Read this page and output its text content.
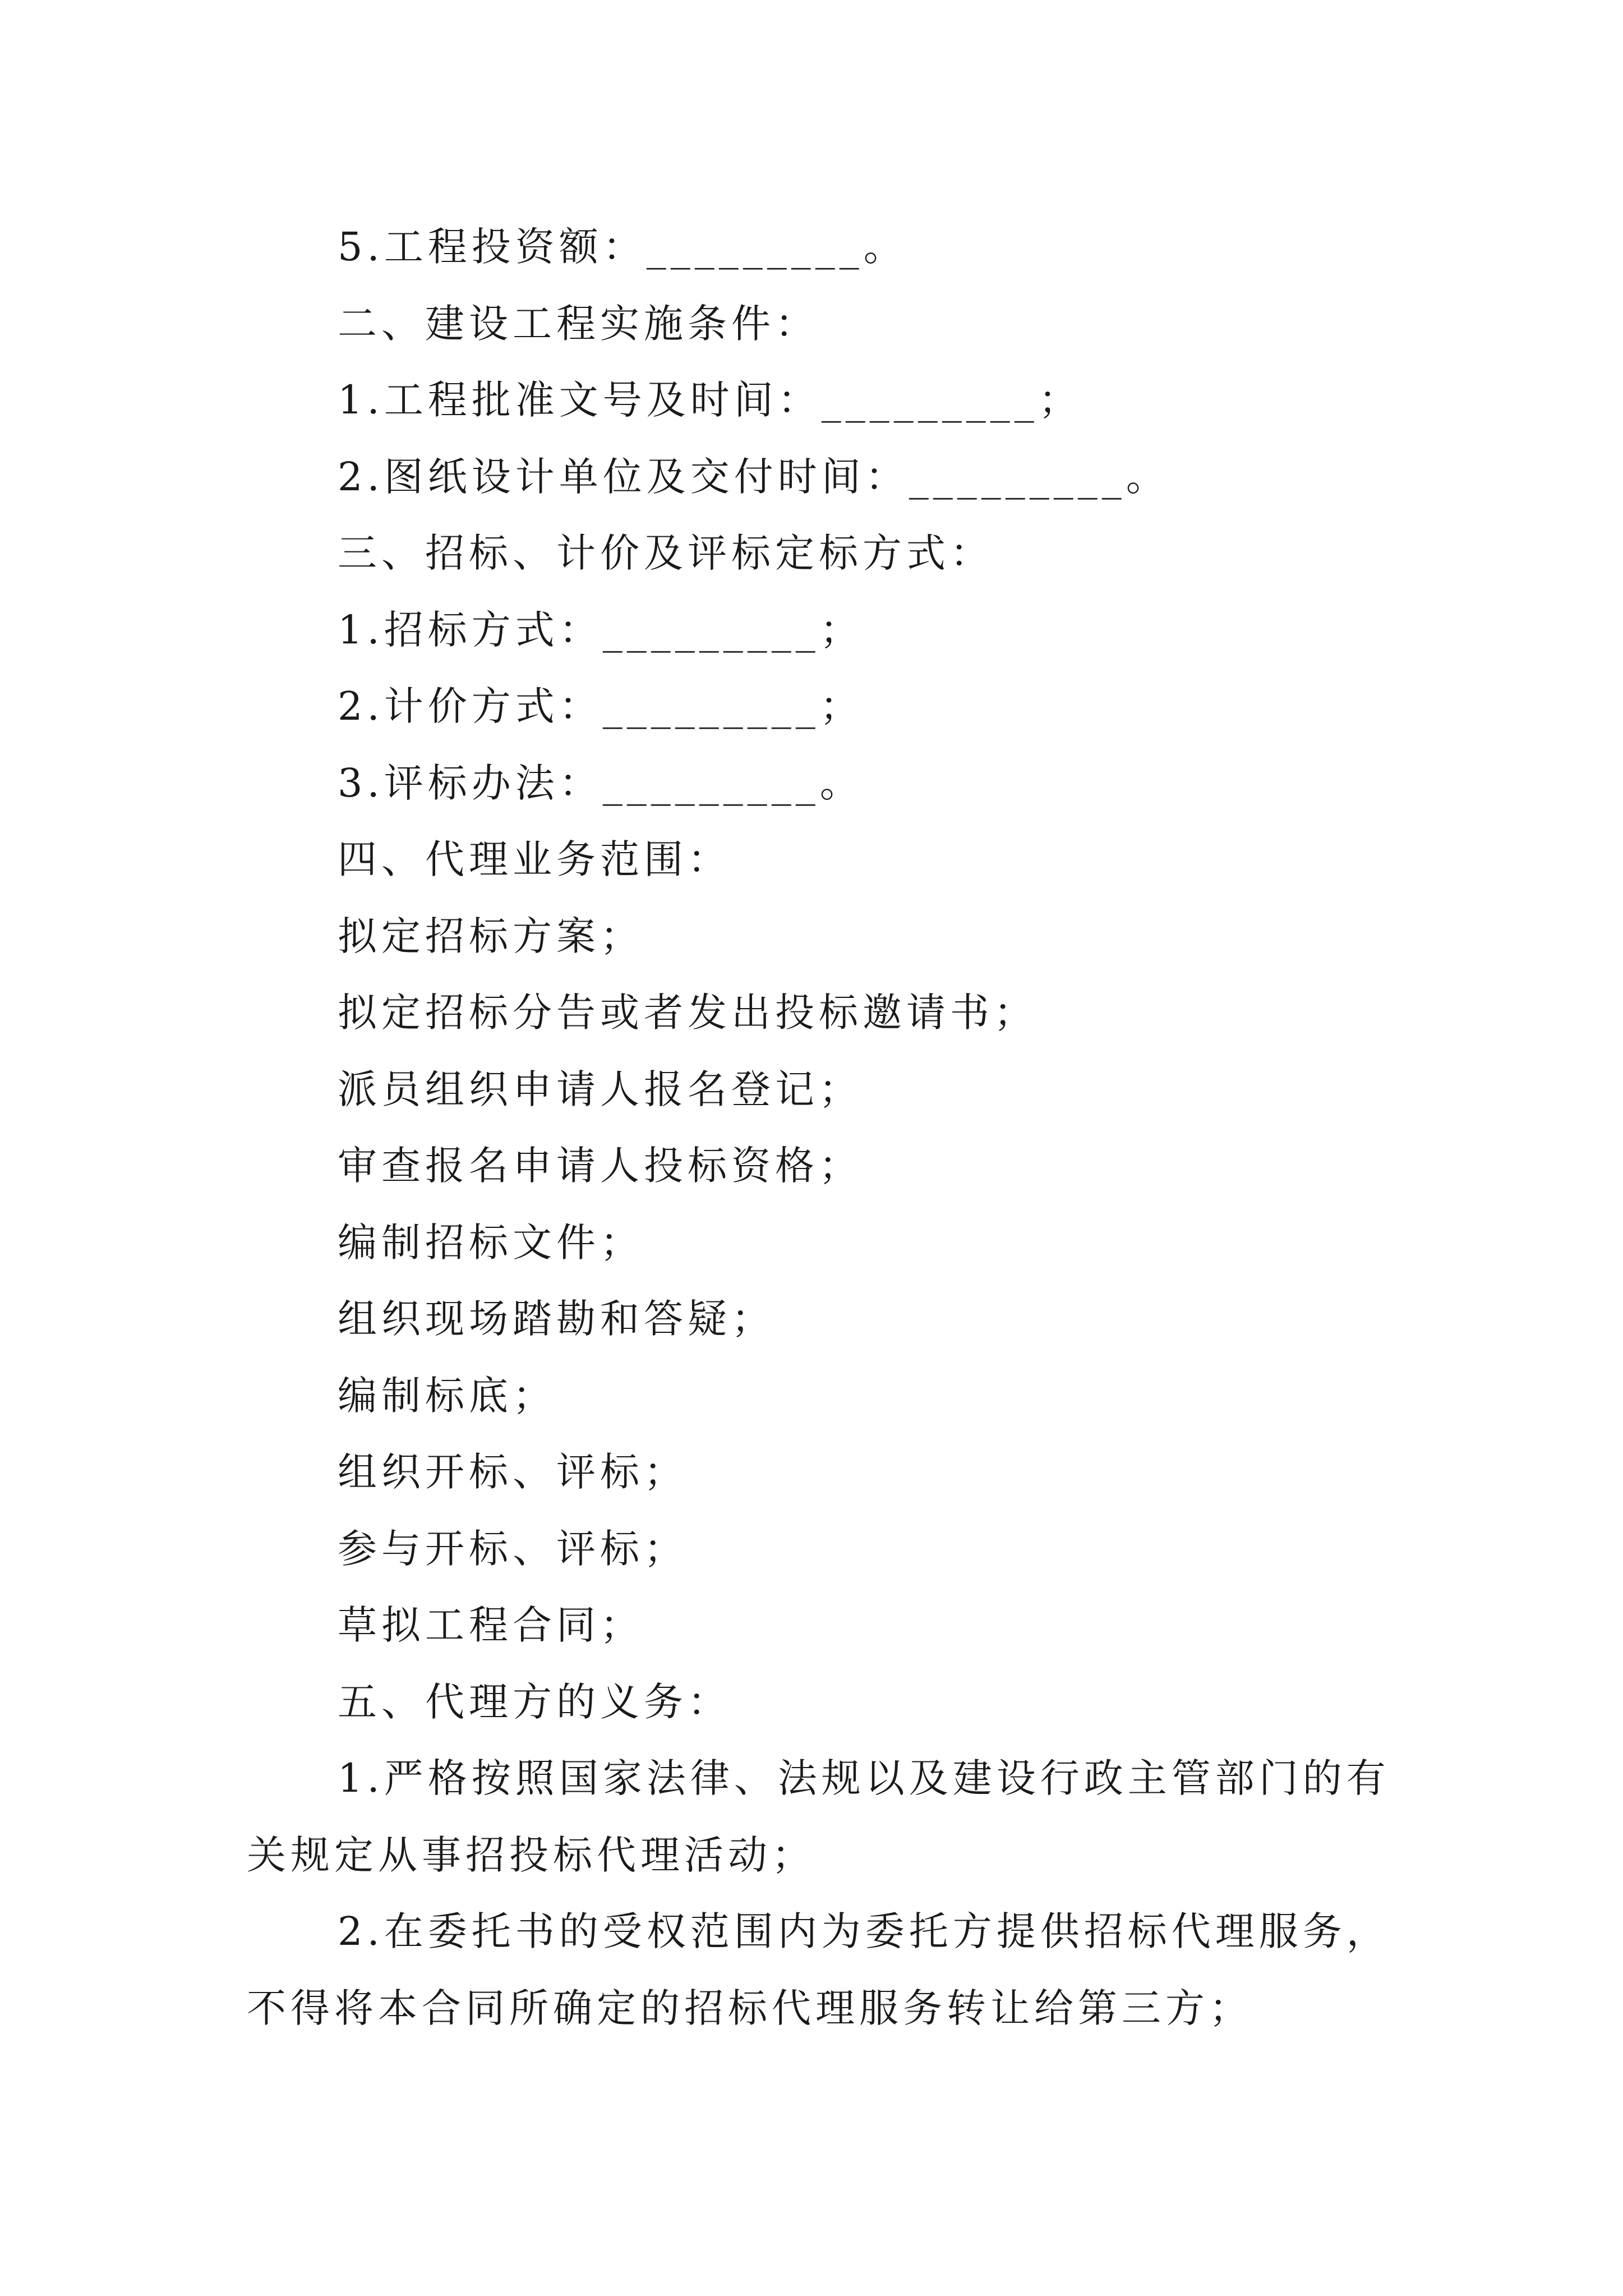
5.工程投资额：_________。
二、建设工程实施条件：
1.工程批准文号及时间：_________；
2.图纸设计单位及交付时间：_________。
三、招标、计价及评标定标方式：
1.招标方式：_________；
2.计价方式：_________；
3.评标办法：_________。
四、代理业务范围：
拟定招标方案；
拟定招标分告或者发出投标邀请书；
派员组织申请人报名登记；
审查报名申请人投标资格；
编制招标文件；
组织现场踏勘和答疑；
编制标底；
组织开标、评标；
参与开标、评标；
草拟工程合同；
五、代理方的义务：
1.严格按照国家法律、法规以及建设行政主管部门的有
关规定从事招投标代理活动；
2.在委托书的受权范围内为委托方提供招标代理服务，
不得将本合同所确定的招标代理服务转让给第三方；
